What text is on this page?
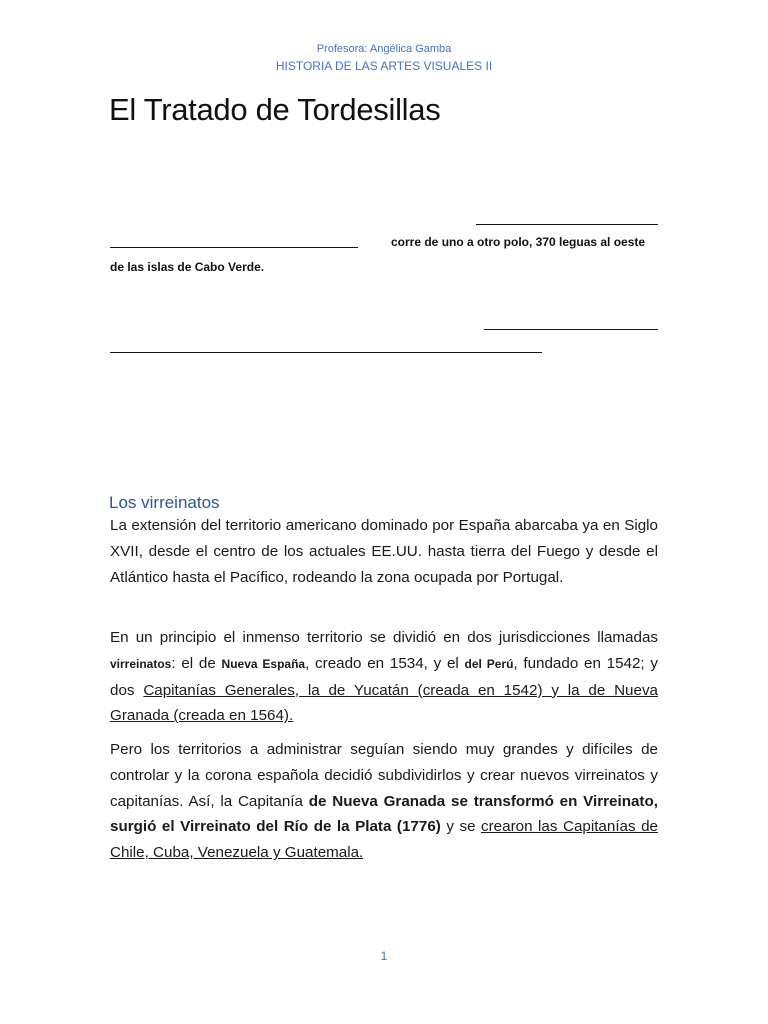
Profesora: Angélica Gamba
HISTORIA DE LAS ARTES VISUALES II
El Tratado de Tordesillas
corre de uno a otro polo, 370 leguas al oeste
de las islas de Cabo Verde.
Los virreinatos

La extensión del territorio americano dominado por España abarcaba ya en Siglo XVII, desde el centro de los actuales EE.UU. hasta tierra del Fuego y desde el Atlántico hasta el Pacífico, rodeando la zona ocupada por Portugal.

En un principio el inmenso territorio se dividió en dos jurisdicciones llamadas virreinatos: el de Nueva España, creado en 1534, y el del Perú, fundado en 1542; y dos Capitanías Generales, la de Yucatán (creada en 1542) y la de Nueva Granada (creada en 1564).

Pero los territorios a administrar seguían siendo muy grandes y difíciles de controlar y la corona española decidió subdividirlos y crear nuevos virreinatos y capitanías. Así, la Capitanía de Nueva Granada se transformó en Virreinato, surgió el Virreinato del Río de la Plata (1776) y se crearon las Capitanías de Chile, Cuba, Venezuela y Guatemala.

1
